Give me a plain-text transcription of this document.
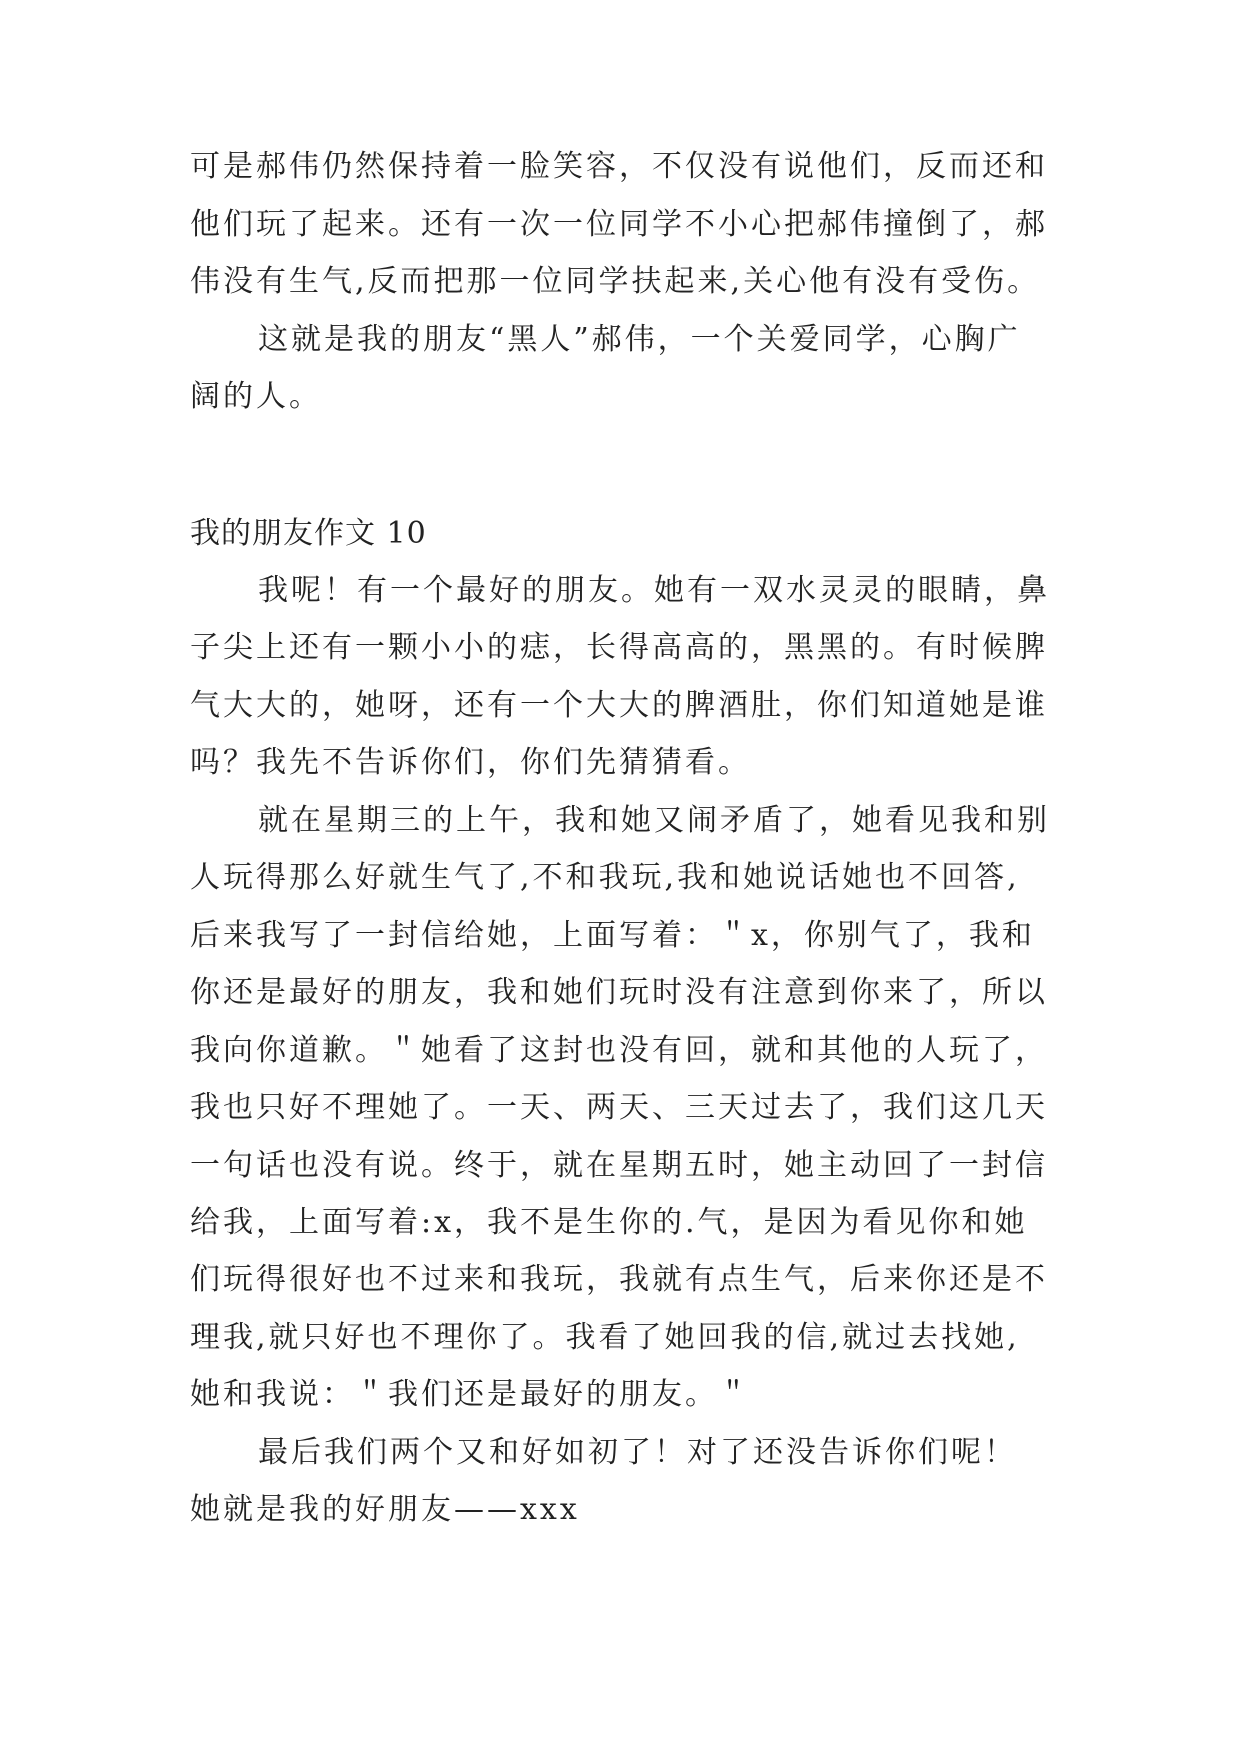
可是郝伟仍然保持着一脸笑容，不仅没有说他们，反而还和
他们玩了起来。还有一次一位同学不小心把郝伟撞倒了，郝
伟没有生气,反而把那一位同学扶起来,关心他有没有受伤。
这就是我的朋友“黑人”郝伟，一个关爱同学，心胸广
阔的人。
我的朋友作文 10
我呢！有一个最好的朋友。她有一双水灵灵的眼睛，鼻
子尖上还有一颗小小的痣，长得高高的，黑黑的。有时候脾
气大大的，她呀，还有一个大大的脾酒肚，你们知道她是谁
吗？我先不告诉你们，你们先猜猜看。
就在星期三的上午，我和她又闹矛盾了，她看见我和别
人玩得那么好就生气了,不和我玩,我和她说话她也不回答,
后来我写了一封信给她，上面写着：＂x，你别气了，我和
你还是最好的朋友，我和她们玩时没有注意到你来了，所以
我向你道歉。＂她看了这封也没有回，就和其他的人玩了，
我也只好不理她了。一天、两天、三天过去了，我们这几天
一句话也没有说。终于，就在星期五时，她主动回了一封信
给我，上面写着:x，我不是生你的.气，是因为看见你和她
们玩得很好也不过来和我玩，我就有点生气，后来你还是不
理我,就只好也不理你了。我看了她回我的信,就过去找她,
她和我说：＂我们还是最好的朋友。＂
最后我们两个又和好如初了！对了还没告诉你们呢！
她就是我的好朋友——xxx
